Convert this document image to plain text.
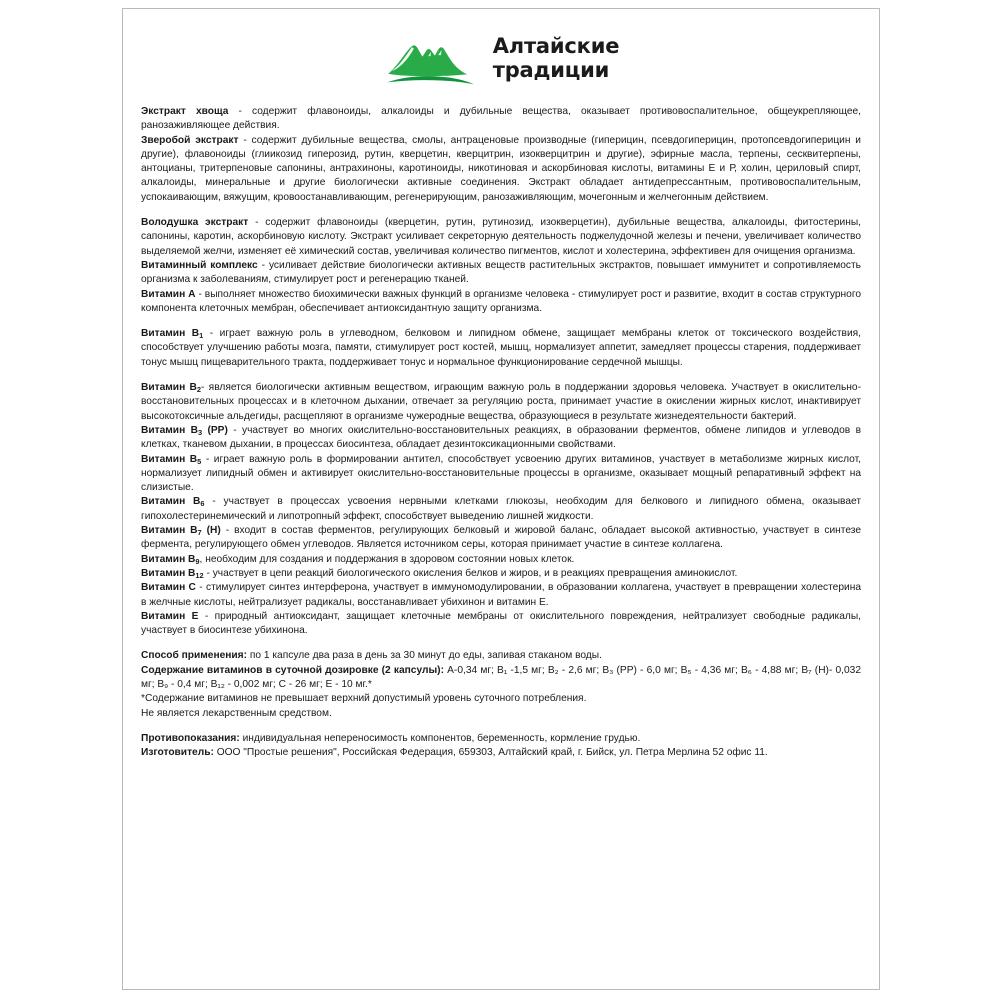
Алтайские
традиции

Экстракт хвоща - содержит флавоноиды, алкалоиды и дубильные вещества, оказывает противовоспалительное, общеукрепляющее, ранозаживляющее действия.

Зверобой экстракт - содержит дубильные вещества, смолы, антраценовые производные (гиперицин, псевдогиперицин, протопсевдогиперицин и другие), флавоноиды (глиикозид гиперозид, рутин, кверцетин, кверцитрин, изокверцитрин и другие), эфирные масла, терпены, сесквитерпены, антоцианы, тритерпеновые сапонины, антрахиноны, каротиноиды, никотиновая и аскорбиновая кислоты, витамины Е и Р, холин, цериловый спирт, алкалоиды, минеральные и другие биологически активные соединения. Экстракт обладает антидепрессантным, противовоспалительным, успокаивающим, вяжущим, кровоостанавливающим, регенерирующим, ранозаживляющим, мочегонным и желчегонным действием.

Володушка экстракт - содержит флавоноиды (кверцетин, рутин, рутинозид, изокверцетин), дубильные вещества, алкалоиды, фитостерины, сапонины, каротин, аскорбиновую кислоту. Экстракт усиливает секреторную деятельность поджелудочной железы и печени, увеличивает количество выделяемой желчи, изменяет её химический состав, увеличивая количество пигментов, кислот и холестерина, эффективен для очищения организма.

Витаминный комплекс - усиливает действие биологически активных веществ растительных экстрактов, повышает иммунитет и сопротивляемость организма к заболеваниям, стимулирует рост и регенерацию тканей.

Витамин А - выполняет множество биохимически важных функций в организме человека - стимулирует рост и развитие, входит в состав структурного компонента клеточных мембран, обеспечивает антиоксидантную защиту организма.

Витамин $В_1$ - играет важную роль в углеводном, белковом и липидном обмене, защищает мембраны клеток от токсического воздействия, способствует улучшению работы мозга, памяти, стимулирует рост костей, мышц, нормализует аппетит, замедляет процессы старения, поддерживает тонус мышц пищеварительного тракта, поддерживает тонус и нормальное функционирование сердечной мышцы.

Витамин $В_2-$ является биологически активным веществом, играющим важную роль в поддержании здоровья человека. Участвует в окислительно-восстановительных процессах и в клеточном дыхании, отвечает за регуляцию роста, принимает участие в окислении жирных кислот, инактивирует высокотоксичные альдегиды, расщепляют в организме чужеродные вещества, образующиеся в результате жизнедеятельности бактерий.

Витамин $В_3$ (РР) - участвует во многих окислительно-восстановительных реакциях, в образовании ферментов, обмене липидов и углеводов в клетках, тканевом дыхании, в процессах биосинтеза, обладает дезинтоксикационными свойствами.

Витамин $В_5$ - играет важную роль в формировании антител, способствует усвоению других витаминов, участвует в метаболизме жирных кислот, нормализует липидный обмен и активирует окислительно-восстановительные процессы в организме, оказывает мощный репаративный эффект на слизистые.

Витамин $В_6$ - участвует в процессах усвоения нервными клетками глюкозы, необходим для белкового и липидного обмена, оказывает гипохолестеринемический и липотропный эффект, способствует выведению лишней жидкости.

Витамин $В_7$ (Н) - входит в состав ферментов, регулирующих белковый и жировой баланс, обладает высокой активностью, участвует в синтезе фермента, регулирующего обмен углеводов. Является источником серы, которая принимает участие в синтезе коллагена.

Витамин $В_9$, необходим для создания и поддержания в здоровом состоянии новых клеток.

Витамин $В_{12}$ - участвует в цепи реакций биологического окисления белков и жиров, и в реакциях превращения аминокислот.

Витамин С - стимулирует синтез интерферона, участвует в иммуномодулировании, в образовании коллагена, участвует в превращении холестерина в желчные кислоты, нейтрализует радикалы, восстанавливает убихинон и витамин Е.

Витамин Е - природный антиоксидант, защищает клеточные мембраны от окислительного повреждения, нейтрализует свободные радикалы, участвует в биосинтезе убихинона.

Способ применения: по 1 капсуле два раза в день за 30 минут до еды, запивая стаканом воды.

Содержание витаминов в суточной дозировке (2 капсулы): А-0,34 мг; В₁ -1,5 мг; В₂ - 2,6 мг; В₃ (РР) - 6,0 мг; В₅ - 4,36 мг; В₆ - 4,88 мг; В₇ (Н)- 0,032 мг; В₉ - 0,4 мг; В₁₂ - 0,002 мг; С - 26 мг; Е - 10 мг.*

*Содержание витаминов не превышает верхний допустимый уровень суточного потребления.

Не является лекарственным средством.

Противопоказания: индивидуальная непереносимость компонентов, беременность, кормление грудью.

Изготовитель: ООО "Простые решения", Российская Федерация, 659303, Алтайский край, г. Бийск, ул. Петра Мерлина 52 офис 11.
